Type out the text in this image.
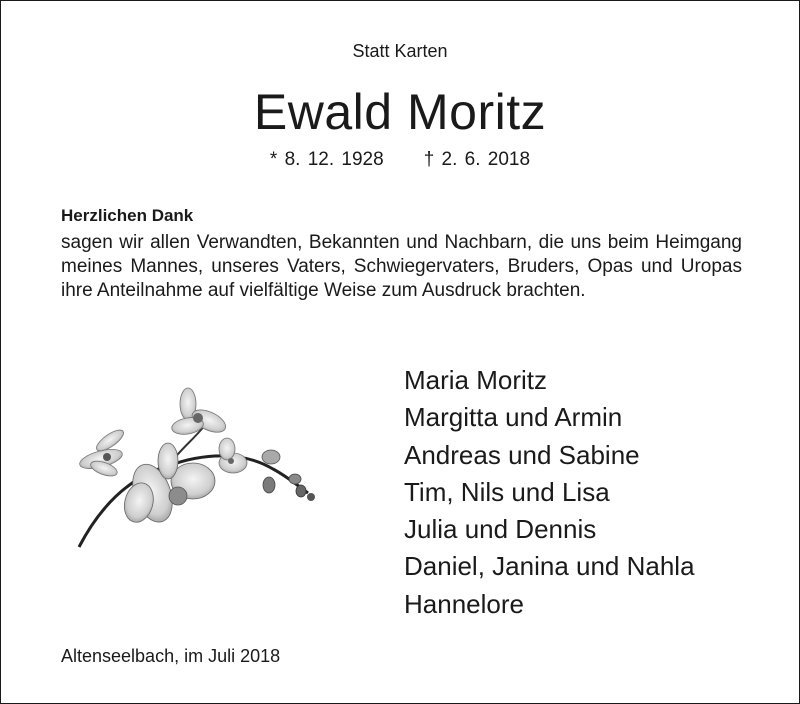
Statt Karten
Ewald Moritz
* 8. 12. 1928 † 2. 6. 2018
Herzlichen Dank
sagen wir allen Verwandten, Bekannten und Nachbarn, die uns beim Heimgang meines Mannes, unseres Vaters, Schwiegervaters, Bruders, Opas und Uropas ihre Anteilnahme auf vielfältige Weise zum Ausdruck brachten.
Maria Moritz
Margitta und Armin
Andreas und Sabine
Tim, Nils und Lisa
Julia und Dennis
Daniel, Janina und Nahla
Hannelore
Altenseelbach, im Juli 2018
